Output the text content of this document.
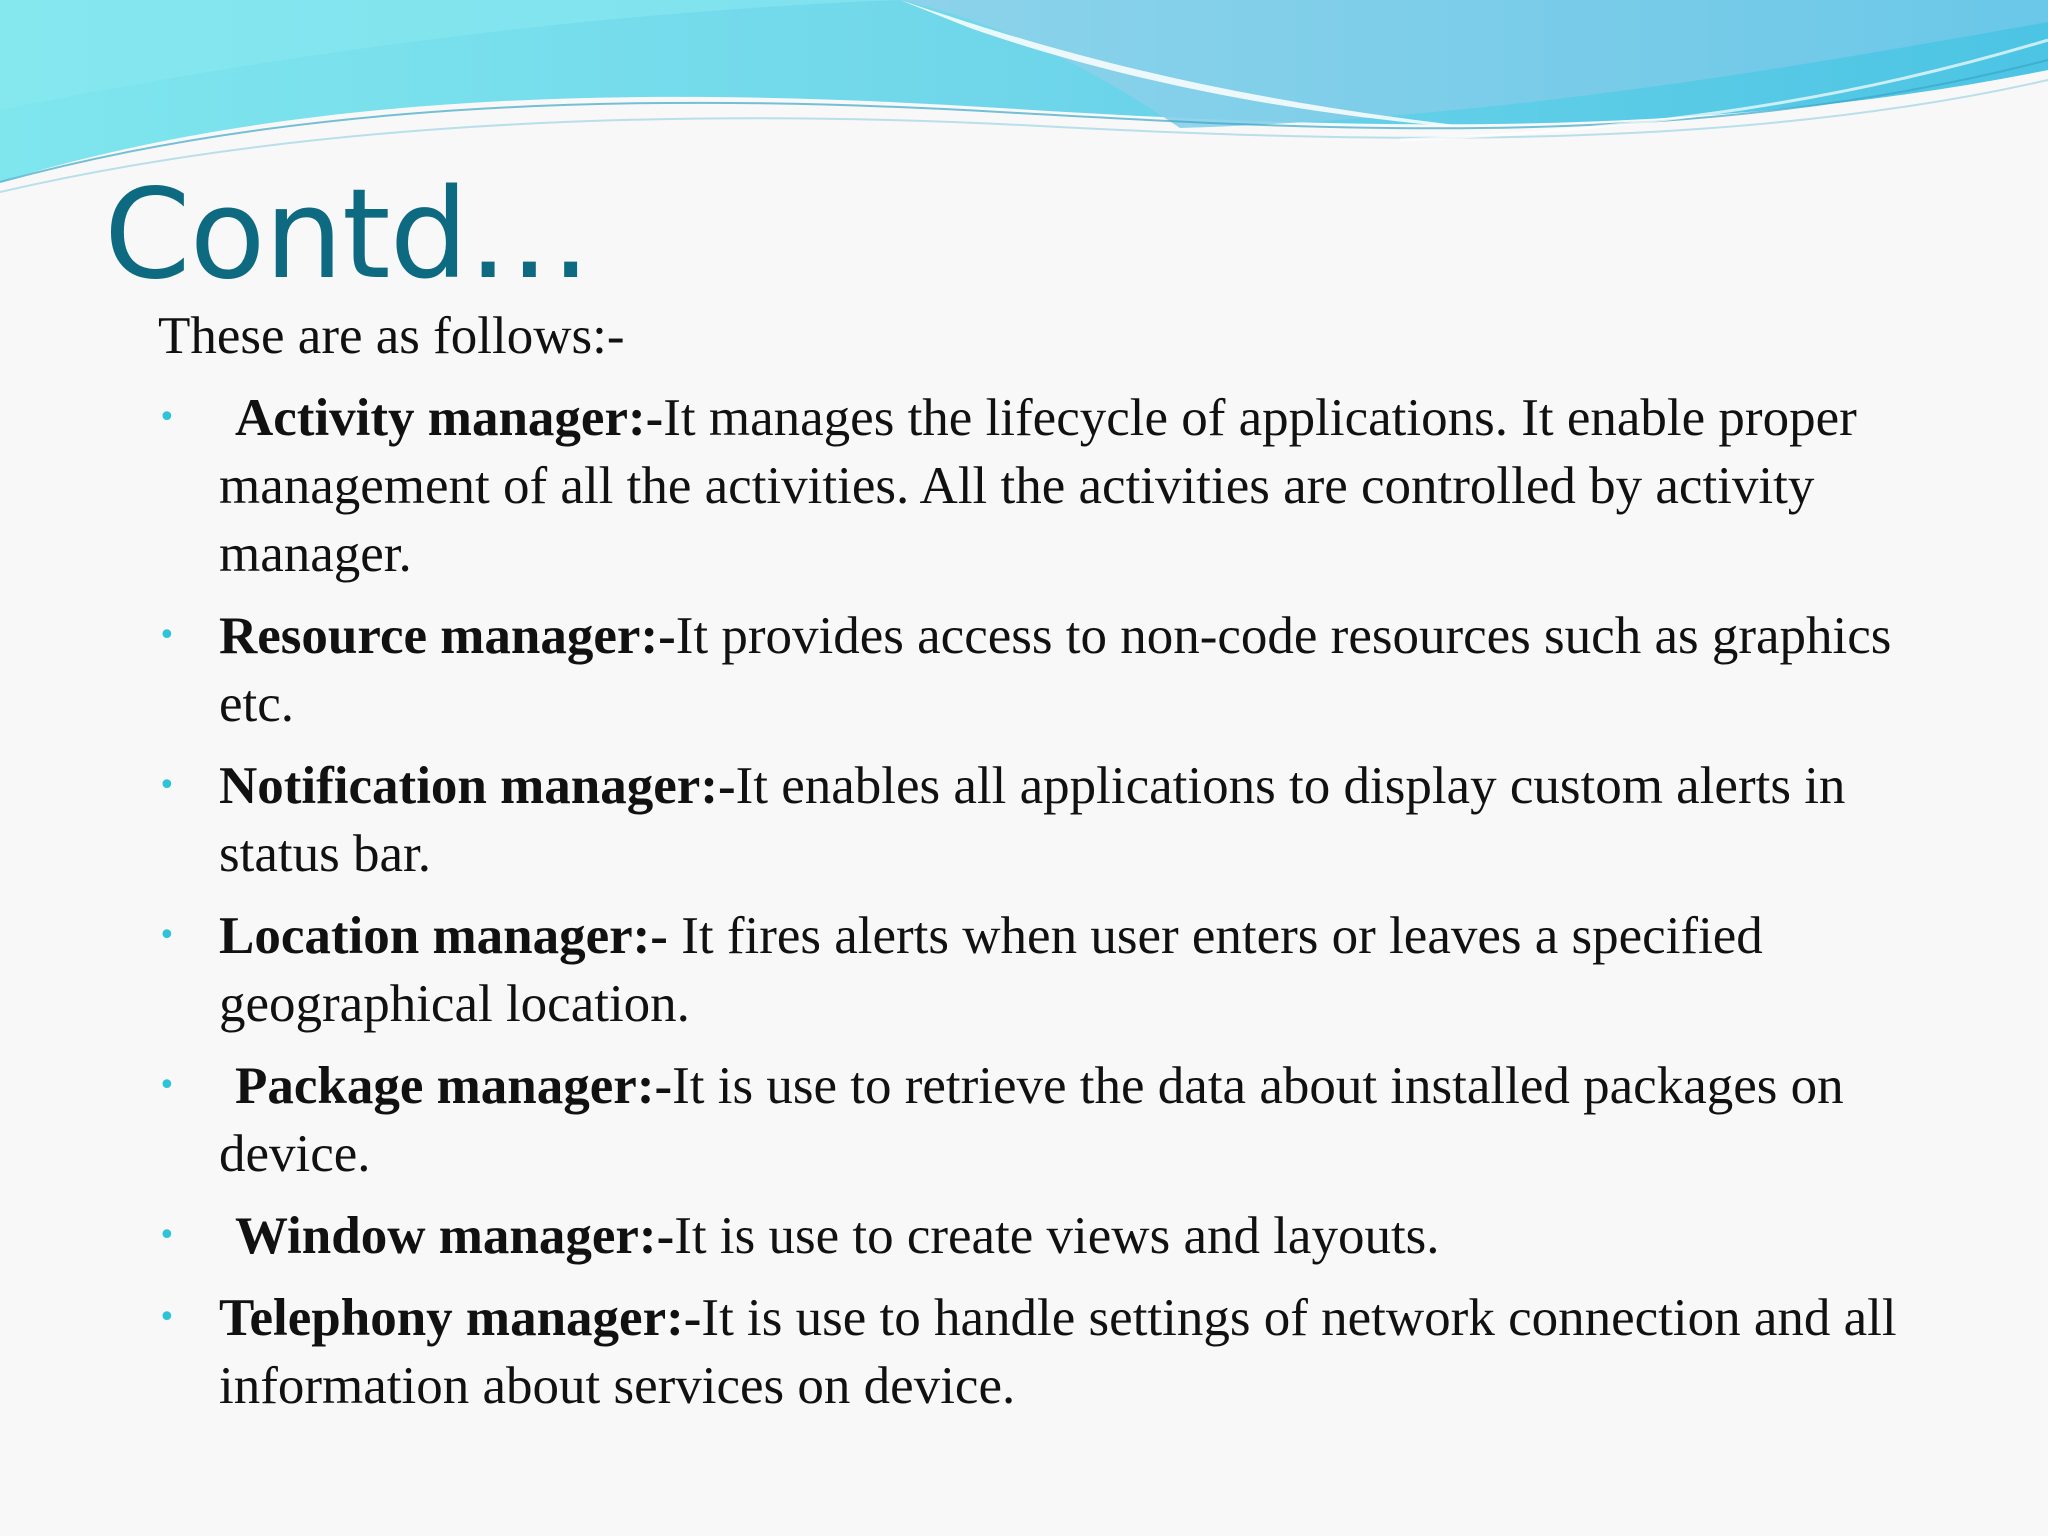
Contd…

These are as follows:-

• Activity manager:-It manages the lifecycle of applications. It enable proper management of all the activities. All the activities are controlled by activity manager.
• Resource manager:-It provides access to non-code resources such as graphics etc.
• Notification manager:-It enables all applications to display custom alerts in status bar.
• Location manager:- It fires alerts when user enters or leaves a specified geographical location.
• Package manager:-It is use to retrieve the data about installed packages on device.
• Window manager:-It is use to create views and layouts.
• Telephony manager:-It is use to handle settings of network connection and all information about services on device.
